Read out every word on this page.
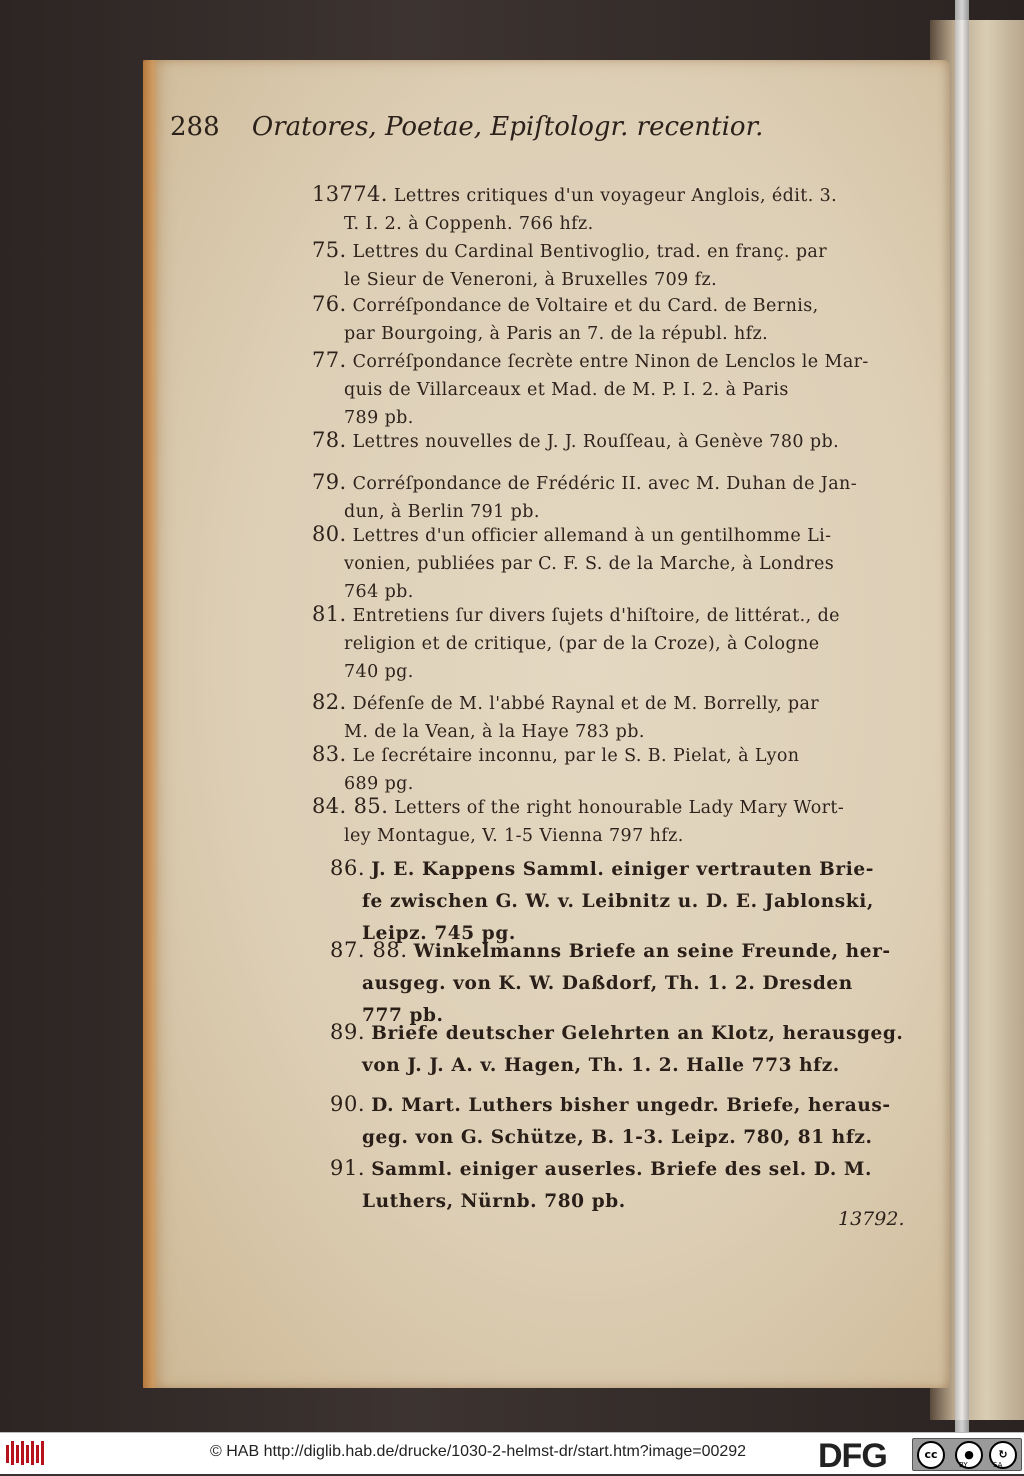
288 Oratores, Poetae, Epiſtologr. recentior.
13774. Lettres critiques d'un voyageur Anglois, édit. 3.
T. I. 2. à Coppenh. 766 hfz.
75. Lettres du Cardinal Bentivoglio, trad. en franç. par
le Sieur de Veneroni, à Bruxelles 709 fz.
76. Corréſpondance de Voltaire et du Card. de Bernis,
par Bourgoing, à Paris an 7. de la républ. hfz.
77. Corréſpondance ſecrète entre Ninon de Lenclos le Mar-
quis de Villarceaux et Mad. de M. P. I. 2. à Paris
789 pb.
78. Lettres nouvelles de J. J. Rouſſeau, à Genève 780 pb.
79. Corréſpondance de Frédéric II. avec M. Duhan de Jan-
dun, à Berlin 791 pb.
80. Lettres d'un officier allemand à un gentilhomme Li-
vonien, publiées par C. F. S. de la Marche, à Londres
764 pb.
81. Entretiens ſur divers ſujets d'hiſtoire, de littérat., de
religion et de critique, (par de la Croze), à Cologne
740 pg.
82. Défenſe de M. l'abbé Raynal et de M. Borrelly, par
M. de la Vean, à la Haye 783 pb.
83. Le ſecrétaire inconnu, par le S. B. Pielat, à Lyon
689 pg.
84. 85. Letters of the right honourable Lady Mary Wort-
ley Montague, V. 1-5 Vienna 797 hfz.
86. J. E. Kappens Samml. einiger vertrauten Brie-
fe zwischen G. W. v. Leibnitz u. D. E. Jablonski,
Leipz. 745 pg.
87. 88. Winkelmanns Briefe an seine Freunde, her-
ausgeg. von K. W. Daßdorf, Th. 1. 2. Dresden
777 pb.
89. Briefe deutscher Gelehrten an Klotz, herausgeg.
von J. J. A. v. Hagen, Th. 1. 2. Halle 773 hfz.
90. D. Mart. Luthers bisher ungedr. Briefe, heraus-
geg. von G. Schütze, B. 1-3. Leipz. 780, 81 hfz.
91. Samml. einiger auserles. Briefe des sel. D. M.
Luthers, Nürnb. 780 pb.
13792.
© HAB http://diglib.hab.de/drucke/1030-2-helmst-dr/start.htm?image=00292 DFG	cc	●	↻
BY	SA
